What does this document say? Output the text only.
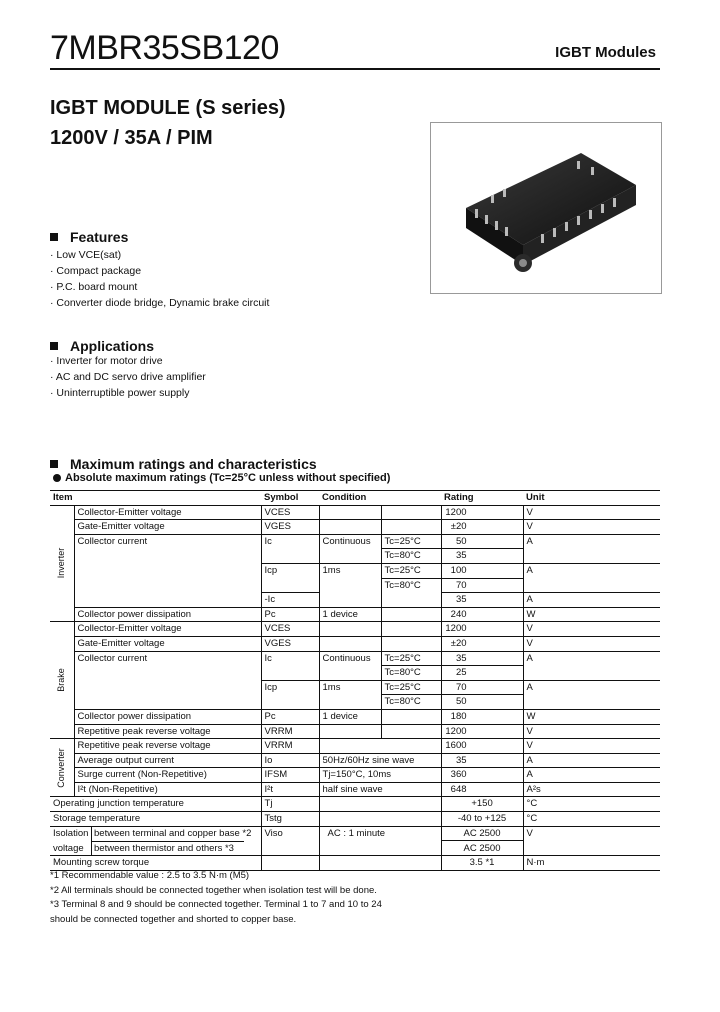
7MBR35SB120	IGBT Modules
IGBT MODULE (S series)
1200V / 35A / PIM
Features
· Low VCE(sat)
· Compact package
· P.C. board mount
· Converter diode bridge, Dynamic brake circuit
Applications
· Inverter for motor drive
· AC and DC servo drive amplifier
· Uninterruptible power supply
Maximum ratings and characteristics
Absolute maximum ratings (Tc=25°C unless without specified)
Item		Symbol	Condition		Rating	Unit

Inverter	Collector-Emitter voltage	VCES			1200	V
	Gate-Emitter voltage	VGES			±20	V
	Collector current	Ic	Continuous	Tc=25°C	50	A
				Tc=80°C	35	
		Icp	1ms	Tc=25°C	100	A
				Tc=80°C	70	
		-Ic			35	A
	Collector power dissipation	Pc	1 device		240	W

Brake	Collector-Emitter voltage	VCES			1200	V
	Gate-Emitter voltage	VGES			±20	V
	Collector current	Ic	Continuous	Tc=25°C	35	A
				Tc=80°C	25	
		Icp	1ms	Tc=25°C	70	A
				Tc=80°C	50	
	Collector power dissipation	Pc	1 device		180	W
	Repetitive peak reverse voltage	VRRM			1200	V

Converter	Repetitive peak reverse voltage	VRRM			1600	V
	Average output current	Io	50Hz/60Hz sine wave		35	A
	Surge current (Non-Repetitive)	IFSM	Tj=150°C, 10ms		360	A
	I²t (Non-Repetitive)	I²t	half sine wave		648	A²s
Operating junction temperature		Tj			+150	°C
Storage temperature		Tstg			-40 to +125	°C
Isolation between terminal and copper base *2		Viso	AC : 1 minute		AC 2500	V
voltage between thermistor and others *3					AC 2500	
Mounting screw torque					3.5 *1	N·m
*1 Recommendable value : 2.5 to 3.5 N·m (M5)
*2 All terminals should be connected together when isolation test will be done.
*3 Terminal 8 and 9 should be connected together. Terminal 1 to 7 and 10 to 24
should be connected together and shorted to copper base.
